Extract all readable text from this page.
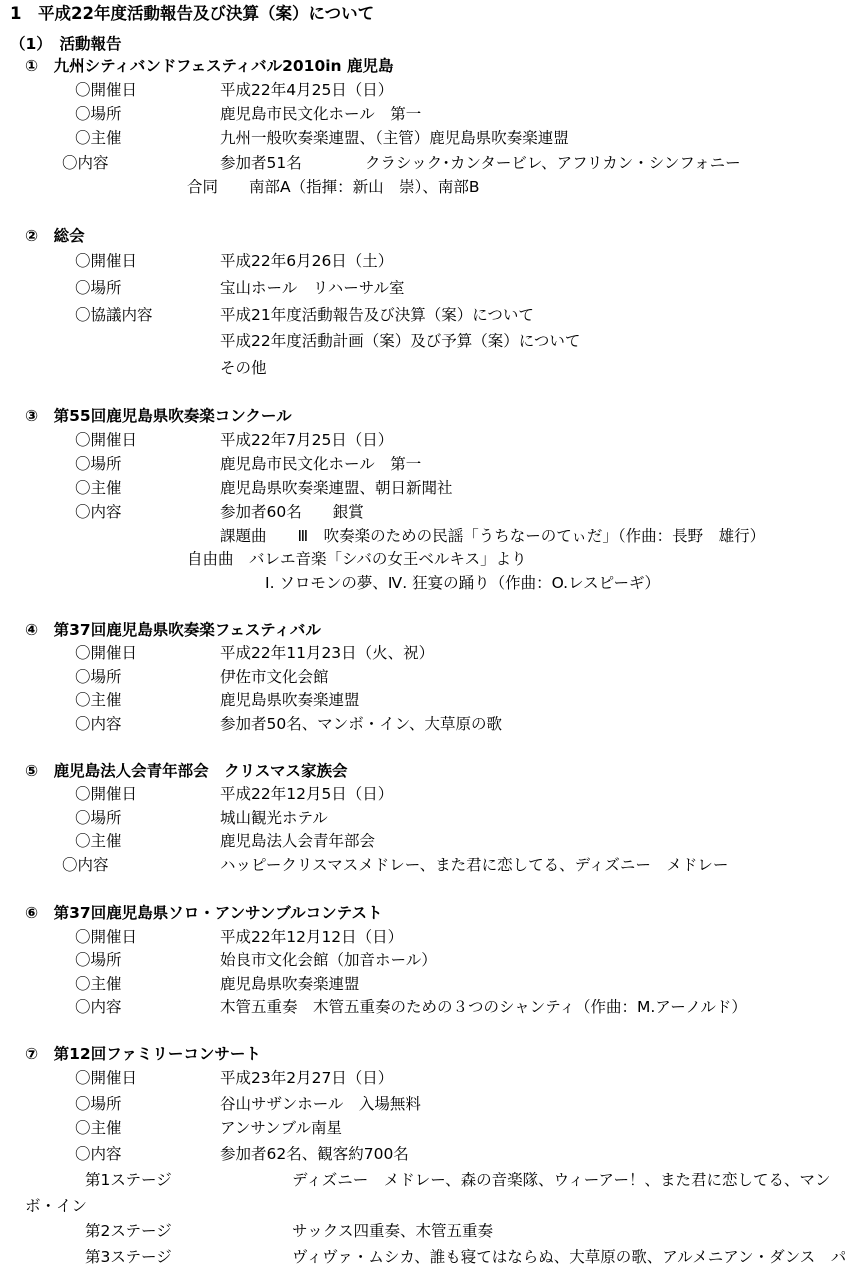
1　平成22年度活動報告及び決算（案）について
（1）　活動報告
①　九州シティバンドフェスティバル2010in 鹿児島
〇開催日	平成22年4月25日（日）
〇場所	鹿児島市民文化ホール　第一
〇主催	九州一般吹奏楽連盟、（主管）鹿児島県吹奏楽連盟
〇内容	参加者51名	クラシック･カンタービレ、アフリカン・シンフォニー
合同　　南部A（指揮：新山　崇）、南部B
②　総会
〇開催日	平成22年6月26日（土）
〇場所	宝山ホール　リハーサル室
〇協議内容	平成21年度活動報告及び決算（案）について
平成22年度活動計画（案）及び予算（案）について
その他
③　第55回鹿児島県吹奏楽コンクール
〇開催日	平成22年7月25日（日）
〇場所	鹿児島市民文化ホール　第一
〇主催	鹿児島県吹奏楽連盟、朝日新聞社
〇内容	参加者60名　　銀賞
課題曲　　Ⅲ　吹奏楽のための民謡「うちなーのてぃだ」（作曲：長野　雄行）
自由曲　バレエ音楽「シバの女王ベルキス」より
Ⅰ. ソロモンの夢、Ⅳ. 狂宴の踊り（作曲：O.レスピーギ）
④　第37回鹿児島県吹奏楽フェスティバル
〇開催日	平成22年11月23日（火、祝）
〇場所	伊佐市文化会館
〇主催	鹿児島県吹奏楽連盟
〇内容	参加者50名、マンボ・イン、大草原の歌
⑤　鹿児島法人会青年部会　クリスマス家族会
〇開催日	平成22年12月5日（日）
〇場所	城山観光ホテル
〇主催	鹿児島法人会青年部会
〇内容	ハッピークリスマスメドレー、また君に恋してる、ディズニー　メドレー
⑥　第37回鹿児島県ソロ・アンサンブルコンテスト
〇開催日	平成22年12月12日（日）
〇場所	始良市文化会館（加音ホール）
〇主催	鹿児島県吹奏楽連盟
〇内容	木管五重奏　木管五重奏のための３つのシャンティ（作曲：M.アーノルド）
⑦　第12回ファミリーコンサート
〇開催日	平成23年2月27日（日）
〇場所	谷山サザンホール　入場無料
〇主催	アンサンブル南星
〇内容	参加者62名、観客約700名
第1ステージ	ディズニー　メドレー、森の音楽隊、ウィーアー！、また君に恋してる、マン
ボ・イン
第2ステージ	サックス四重奏、木管五重奏
第3ステージ	ヴィヴァ・ムシカ、誰も寝てはならぬ、大草原の歌、アルメニアン・ダンス　パ
